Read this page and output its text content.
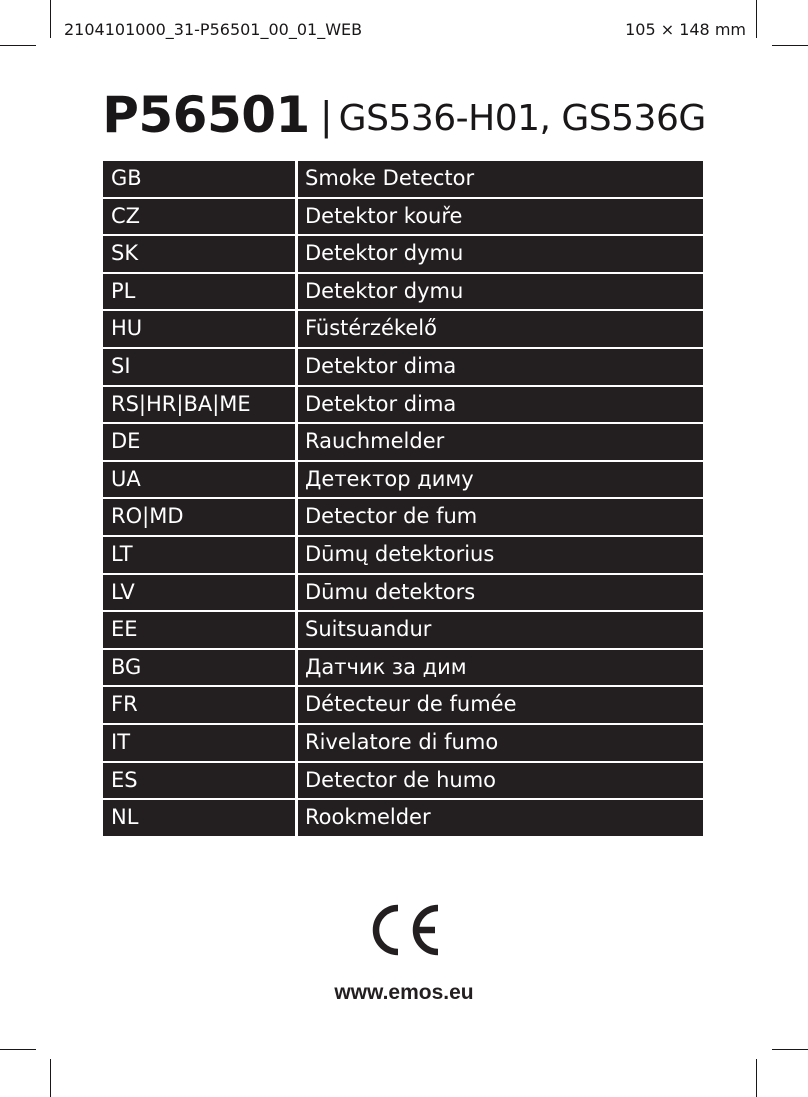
2104101000_31-P56501_00_01_WEB	105 × 148 mm
P56501 | GS536-H01, GS536G
GB	Smoke Detector
CZ	Detektor kouře
SK	Detektor dymu
PL	Detektor dymu
HU	Füstérzékelő
SI	Detektor dima
RS|HR|BA|ME	Detektor dima
DE	Rauchmelder
UA	Детектор диму
RO|MD	Detector de fum
LT	Dūmų detektorius
LV	Dūmu detektors
EE	Suitsuandur
BG	Датчик за дим
FR	Détecteur de fumée
IT	Rivelatore di fumo
ES	Detector de humo
NL	Rookmelder
www.emos.eu
